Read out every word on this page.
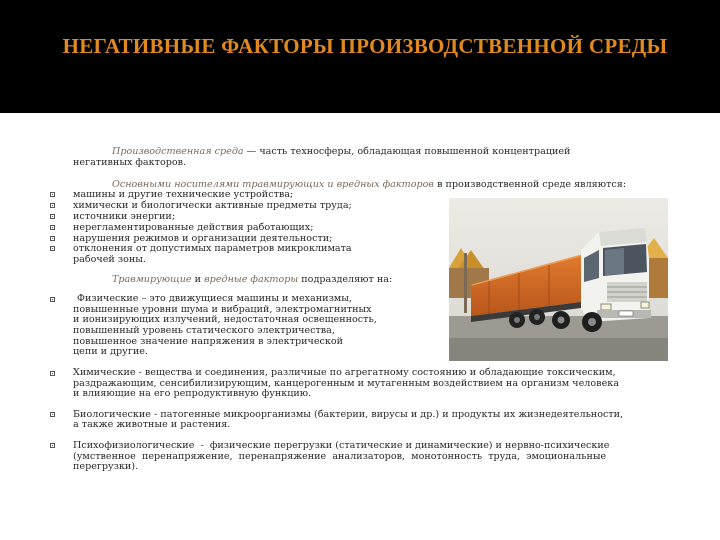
НЕГАТИВНЫЕ ФАКТОРЫ ПРОИЗВОДСТВЕННОЙ СРЕДЫ
Производственная среда — часть техносферы, обладающая повышенной концентрацией
негативных факторов.
Основными носителями травмирующих и вредных факторов в производственной среде являются:
машины и другие технические устройства;
химически и биологически активные предметы труда;
источники энергии;
нерегламентированные действия работающих;
нарушения режимов и организации деятельности;
отклонения от допустимых параметров микроклимата
рабочей зоны.
Травмирующие и вредные факторы подразделяют на:
Физические – это движущиеся машины и механизмы,
повышенные уровни шума и вибраций, электромагнитных
и ионизирующих излучений, недостаточная освещенность,
повышенный уровень статического электричества,
повышенное значение напряжения в электрической
цепи и другие.
Химические - вещества и соединения, различные по агрегатному состоянию и обладающие токсическим,
раздражающим, сенсибилизирующим, канцерогенным и мутагенным воздействием на организм человека
и влияющие на его репродуктивную функцию.
Биологические - патогенные микроорганизмы (бактерии, вирусы и др.) и продукты их жизнедеятельности,
а также животные и растения.
Психофизиологические  -  физические перегрузки (статические и динамические) и нервно-психические
(умственное  перенапряжение,  перенапряжение  анализаторов,  монотонность  труда,  эмоциональные
перегрузки).
